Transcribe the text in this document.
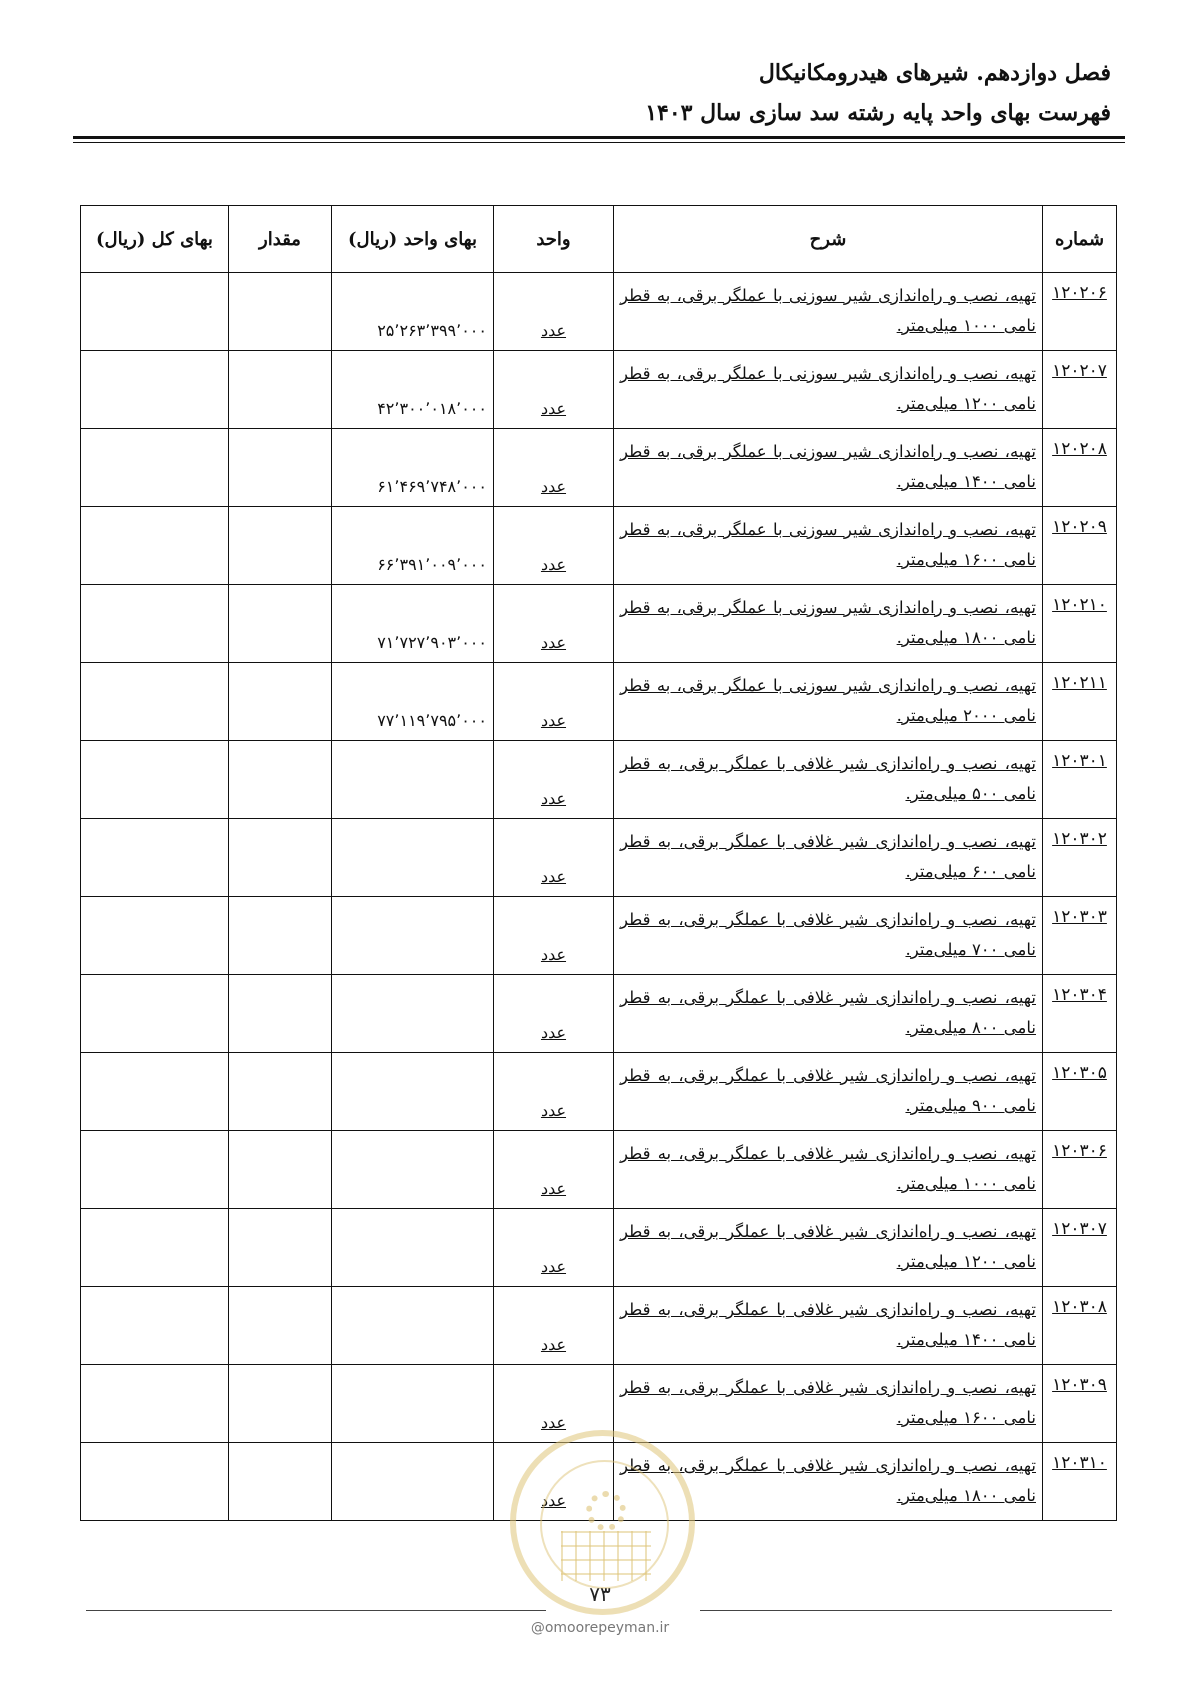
فصل دوازدهم. شیرهای هیدرومکانیکال
فهرست بهای واحد پایه رشته سد سازی سال ۱۴۰۳
شماره	شرح	واحد	بهای واحد (ریال)	مقدار	بهای کل (ریال)
۱۲۰۲۰۶	تهیه، نصب و راه‌اندازی شیر سوزنی با عملگر برقی، به قطر نامی ۱۰۰۰ میلی‌متر.	عدد	۲۵٬۲۶۳٬۳۹۹٬۰۰۰		
۱۲۰۲۰۷	تهیه، نصب و راه‌اندازی شیر سوزنی با عملگر برقی، به قطر نامی ۱۲۰۰ میلی‌متر.	عدد	۴۲٬۳۰۰٬۰۱۸٬۰۰۰		
۱۲۰۲۰۸	تهیه، نصب و راه‌اندازی شیر سوزنی با عملگر برقی، به قطر نامی ۱۴۰۰ میلی‌متر.	عدد	۶۱٬۴۶۹٬۷۴۸٬۰۰۰		
۱۲۰۲۰۹	تهیه، نصب و راه‌اندازی شیر سوزنی با عملگر برقی، به قطر نامی ۱۶۰۰ میلی‌متر.	عدد	۶۶٬۳۹۱٬۰۰۹٬۰۰۰		
۱۲۰۲۱۰	تهیه، نصب و راه‌اندازی شیر سوزنی با عملگر برقی، به قطر نامی ۱۸۰۰ میلی‌متر.	عدد	۷۱٬۷۲۷٬۹۰۳٬۰۰۰		
۱۲۰۲۱۱	تهیه، نصب و راه‌اندازی شیر سوزنی با عملگر برقی، به قطر نامی ۲۰۰۰ میلی‌متر.	عدد	۷۷٬۱۱۹٬۷۹۵٬۰۰۰		
۱۲۰۳۰۱	تهیه، نصب و راه‌اندازی شیر غلافی با عملگر برقی، به قطر نامی ۵۰۰ میلی‌متر.	عدد			
۱۲۰۳۰۲	تهیه، نصب و راه‌اندازی شیر غلافی با عملگر برقی، به قطر نامی ۶۰۰ میلی‌متر.	عدد			
۱۲۰۳۰۳	تهیه، نصب و راه‌اندازی شیر غلافی با عملگر برقی، به قطر نامی ۷۰۰ میلی‌متر.	عدد			
۱۲۰۳۰۴	تهیه، نصب و راه‌اندازی شیر غلافی با عملگر برقی، به قطر نامی ۸۰۰ میلی‌متر.	عدد			
۱۲۰۳۰۵	تهیه، نصب و راه‌اندازی شیر غلافی با عملگر برقی، به قطر نامی ۹۰۰ میلی‌متر.	عدد			
۱۲۰۳۰۶	تهیه، نصب و راه‌اندازی شیر غلافی با عملگر برقی، به قطر نامی ۱۰۰۰ میلی‌متر.	عدد			
۱۲۰۳۰۷	تهیه، نصب و راه‌اندازی شیر غلافی با عملگر برقی، به قطر نامی ۱۲۰۰ میلی‌متر.	عدد			
۱۲۰۳۰۸	تهیه، نصب و راه‌اندازی شیر غلافی با عملگر برقی، به قطر نامی ۱۴۰۰ میلی‌متر.	عدد			
۱۲۰۳۰۹	تهیه، نصب و راه‌اندازی شیر غلافی با عملگر برقی، به قطر نامی ۱۶۰۰ میلی‌متر.	عدد			
۱۲۰۳۱۰	تهیه، نصب و راه‌اندازی شیر غلافی با عملگر برقی، به قطر نامی ۱۸۰۰ میلی‌متر.	عدد			
۷۳
@omoorepeyman.ir
